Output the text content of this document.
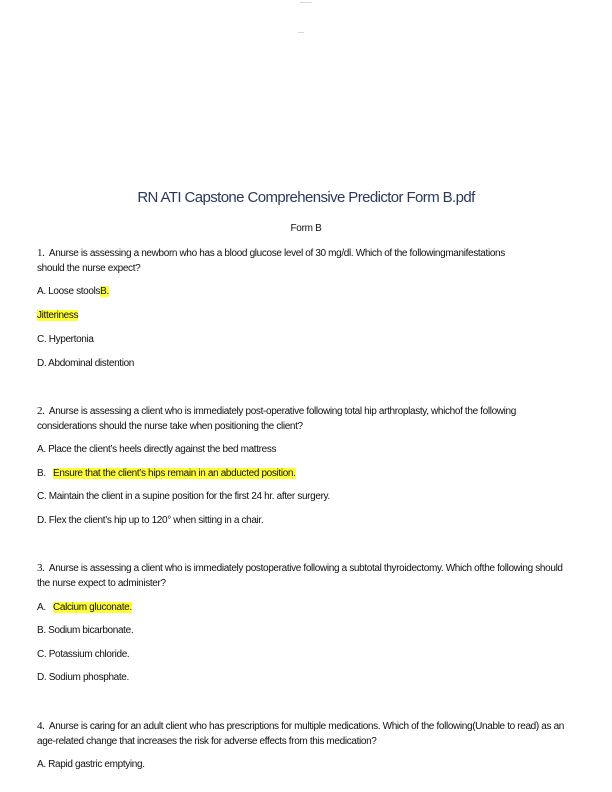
RN ATI Capstone Comprehensive Predictor Form B.pdf
Form B
1. Anurse is assessing a newborn who has a blood glucose level of 30 mg/dl. Which of the followingmanifestations
should the nurse expect?
A. Loose stoolsB.
Jitteriness
C. Hypertonia
D. Abdominal distention
2. Anurse is assessing a client who is immediately post-operative following total hip arthroplasty, whichof the following
considerations should the nurse take when positioning the client?
A. Place the client’s heels directly against the bed mattress
B. Ensure that the client’s hips remain in an abducted position.
C. Maintain the client in a supine position for the first 24 hr. after surgery.
D. Flex the client’s hip up to 120° when sitting in a chair.
3. Anurse is assessing a client who is immediately postoperative following a subtotal thyroidectomy. Which ofthe following should
the nurse expect to administer?
A. Calcium gluconate.
B. Sodium bicarbonate.
C. Potassium chloride.
D. Sodium phosphate.
4. Anurse is caring for an adult client who has prescriptions for multiple medications. Which of the following(Unable to read) as an
age-related change that increases the risk for adverse effects from this medication?
A. Rapid gastric emptying.
